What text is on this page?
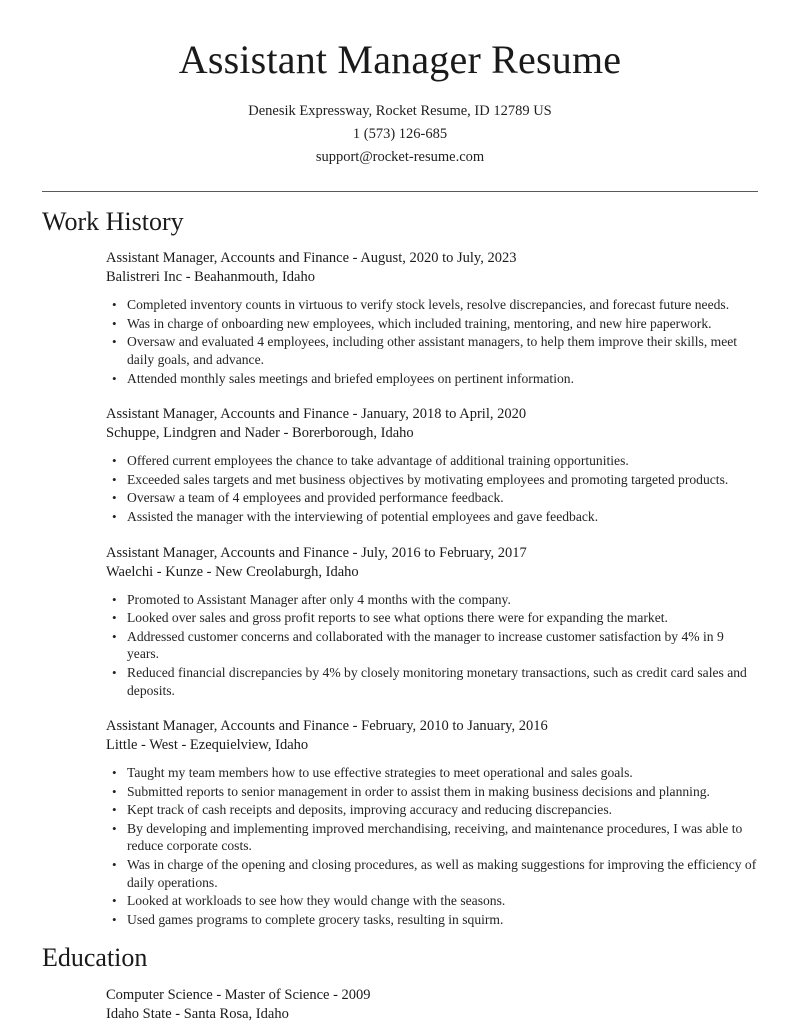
Assistant Manager Resume
Denesik Expressway, Rocket Resume, ID 12789 US
1 (573) 126-685
support@rocket-resume.com
Work History
Assistant Manager, Accounts and Finance - August, 2020 to July, 2023
Balistreri Inc - Beahanmouth, Idaho
• Completed inventory counts in virtuous to verify stock levels, resolve discrepancies, and forecast future needs.
• Was in charge of onboarding new employees, which included training, mentoring, and new hire paperwork.
• Oversaw and evaluated 4 employees, including other assistant managers, to help them improve their skills, meet daily goals, and advance.
• Attended monthly sales meetings and briefed employees on pertinent information.
Assistant Manager, Accounts and Finance - January, 2018 to April, 2020
Schuppe, Lindgren and Nader - Borerborough, Idaho
• Offered current employees the chance to take advantage of additional training opportunities.
• Exceeded sales targets and met business objectives by motivating employees and promoting targeted products.
• Oversaw a team of 4 employees and provided performance feedback.
• Assisted the manager with the interviewing of potential employees and gave feedback.
Assistant Manager, Accounts and Finance - July, 2016 to February, 2017
Waelchi - Kunze - New Creolaburgh, Idaho
• Promoted to Assistant Manager after only 4 months with the company.
• Looked over sales and gross profit reports to see what options there were for expanding the market.
• Addressed customer concerns and collaborated with the manager to increase customer satisfaction by 4% in 9 years.
• Reduced financial discrepancies by 4% by closely monitoring monetary transactions, such as credit card sales and deposits.
Assistant Manager, Accounts and Finance - February, 2010 to January, 2016
Little - West - Ezequielview, Idaho
• Taught my team members how to use effective strategies to meet operational and sales goals.
• Submitted reports to senior management in order to assist them in making business decisions and planning.
• Kept track of cash receipts and deposits, improving accuracy and reducing discrepancies.
• By developing and implementing improved merchandising, receiving, and maintenance procedures, I was able to reduce corporate costs.
• Was in charge of the opening and closing procedures, as well as making suggestions for improving the efficiency of daily operations.
• Looked at workloads to see how they would change with the seasons.
• Used games programs to complete grocery tasks, resulting in squirm.
Education
Computer Science - Master of Science - 2009
Idaho State - Santa Rosa, Idaho
